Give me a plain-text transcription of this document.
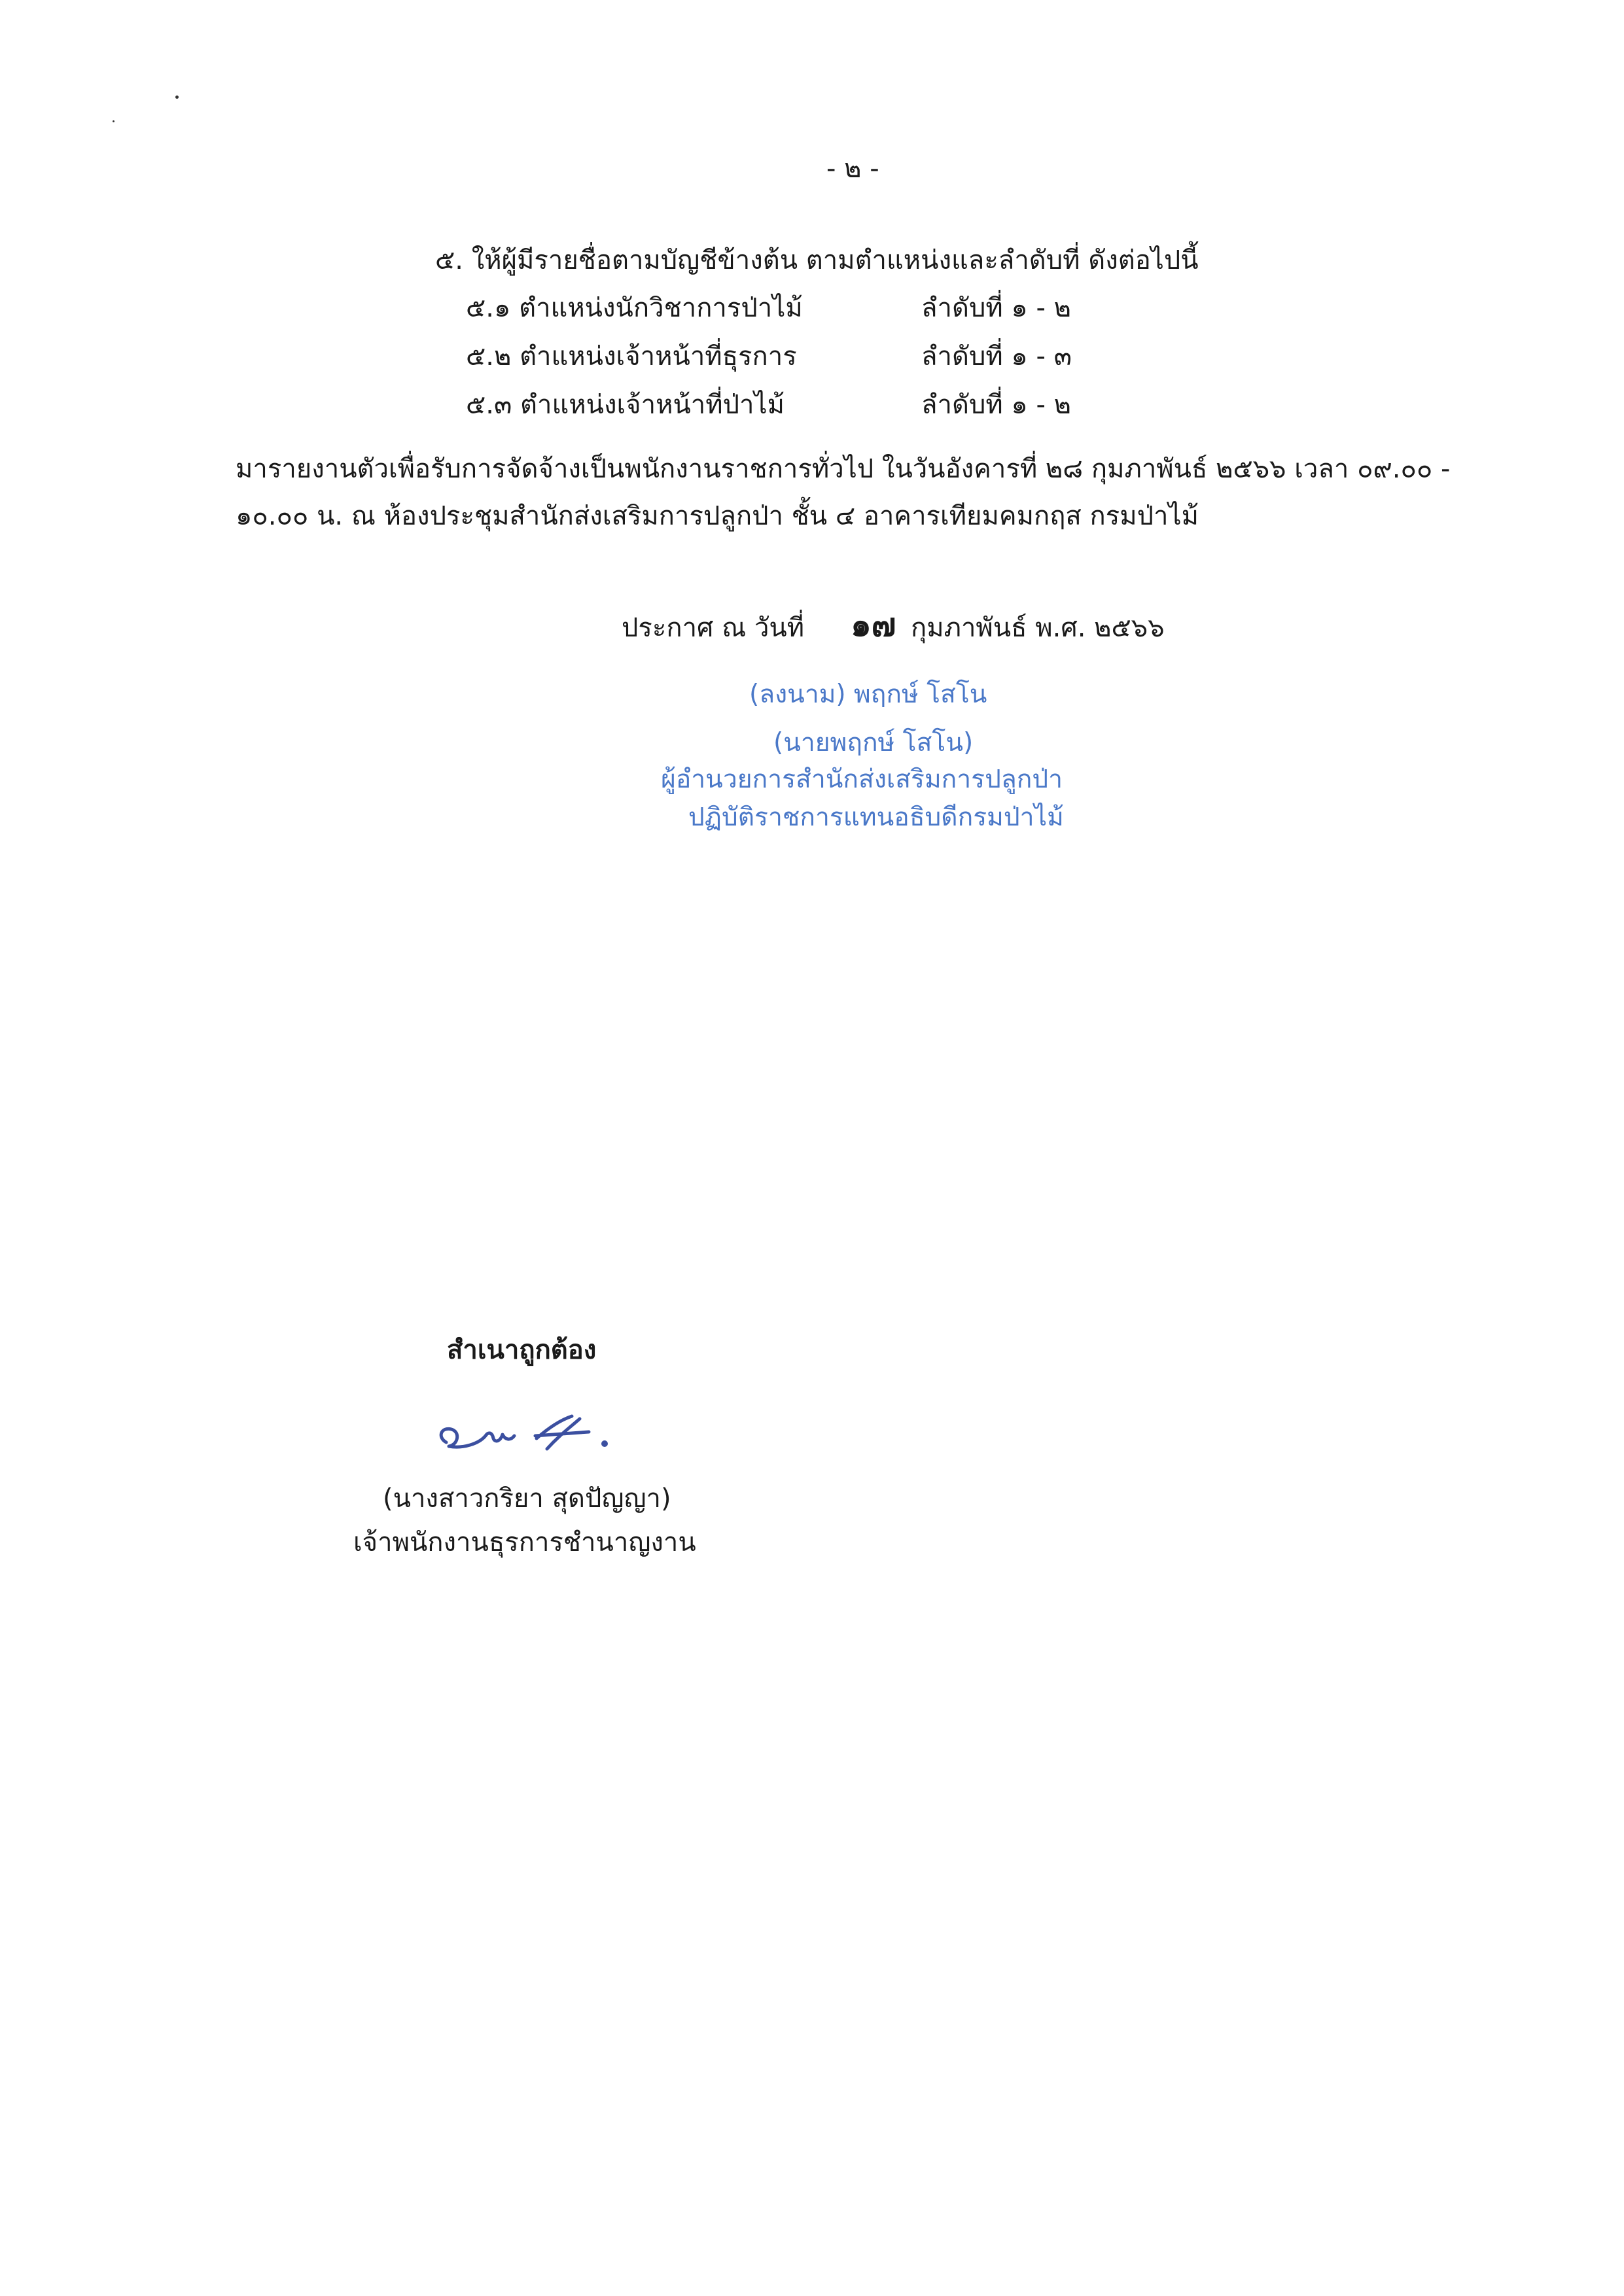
- ๒ -
๕. ให้ผู้มีรายชื่อตามบัญชีข้างต้น ตามตำแหน่งและลำดับที่ ดังต่อไปนี้
๕.๑ ตำแหน่งนักวิชาการป่าไม้	ลำดับที่ ๑ - ๒
๕.๒ ตำแหน่งเจ้าหน้าที่ธุรการ	ลำดับที่ ๑ - ๓
๕.๓ ตำแหน่งเจ้าหน้าที่ป่าไม้	ลำดับที่ ๑ - ๒
มารายงานตัวเพื่อรับการจัดจ้างเป็นพนักงานราชการทั่วไป ในวันอังคารที่ ๒๘ กุมภาพันธ์ ๒๕๖๖ เวลา ๐๙.๐๐ -
๑๐.๐๐ น. ณ ห้องประชุมสำนักส่งเสริมการปลูกป่า ชั้น ๔ อาคารเทียมคมกฤส กรมป่าไม้
ประกาศ ณ วันที่ ๑๗ กุมภาพันธ์ พ.ศ. ๒๕๖๖
(ลงนาม) พฤกษ์ โสโน
(นายพฤกษ์ โสโน)
ผู้อำนวยการสำนักส่งเสริมการปลูกป่า
ปฏิบัติราชการแทนอธิบดีกรมป่าไม้
สำเนาถูกต้อง
(นางสาวกริยา สุดปัญญา)
เจ้าพนักงานธุรการชำนาญงาน
